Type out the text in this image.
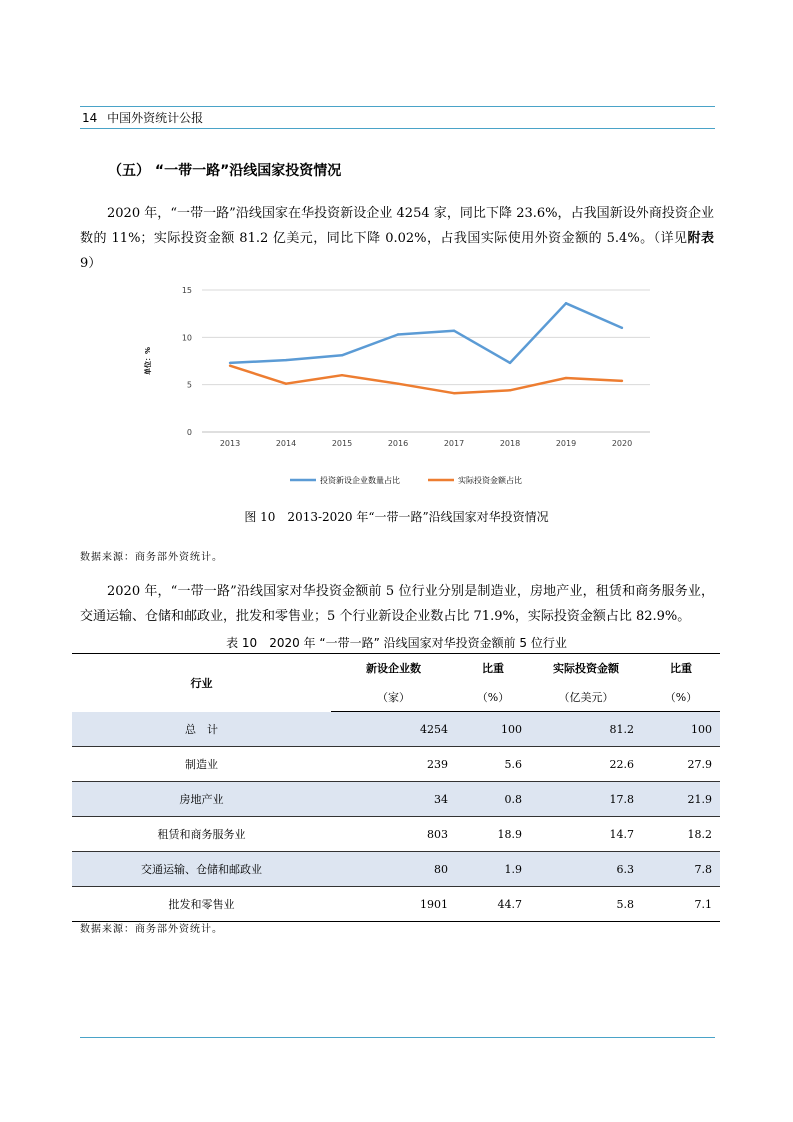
14 中国外资统计公报
（五） “一带一路”沿线国家投资情况
2020 年，“一带一路”沿线国家在华投资新设企业 4254 家，同比下降 23.6%，占我国新设外商投资企业数的 11%；实际投资金额 81.2 亿美元，同比下降 0.02%，占我国实际使用外资金额的 5.4%。（详见附表 9）
0
5
10
15
2013	2014	2015	2016	2017	2018	2019	2020
单位：%
投资新设企业数量占比	实际投资金额占比
图 10　2013-2020 年“一带一路”沿线国家对华投资情况
数据来源：商务部外资统计。
2020 年，“一带一路”沿线国家对华投资金额前 5 位行业分别是制造业，房地产业，租赁和商务服务业，交通运输、仓储和邮政业，批发和零售业；5 个行业新设企业数占比 71.9%，实际投资金额占比 82.9%。
表 10　2020 年 “一带一路” 沿线国家对华投资金额前 5 位行业
行业	新设企业数	比重	实际投资金额	比重
	（家）	（%）	（亿美元）	（%）
总　计	4254	100	81.2	100
制造业	239	5.6	22.6	27.9
房地产业	34	0.8	17.8	21.9
租赁和商务服务业	803	18.9	14.7	18.2
交通运输、仓储和邮政业	80	1.9	6.3	7.8
批发和零售业	1901	44.7	5.8	7.1
数据来源：商务部外资统计。
